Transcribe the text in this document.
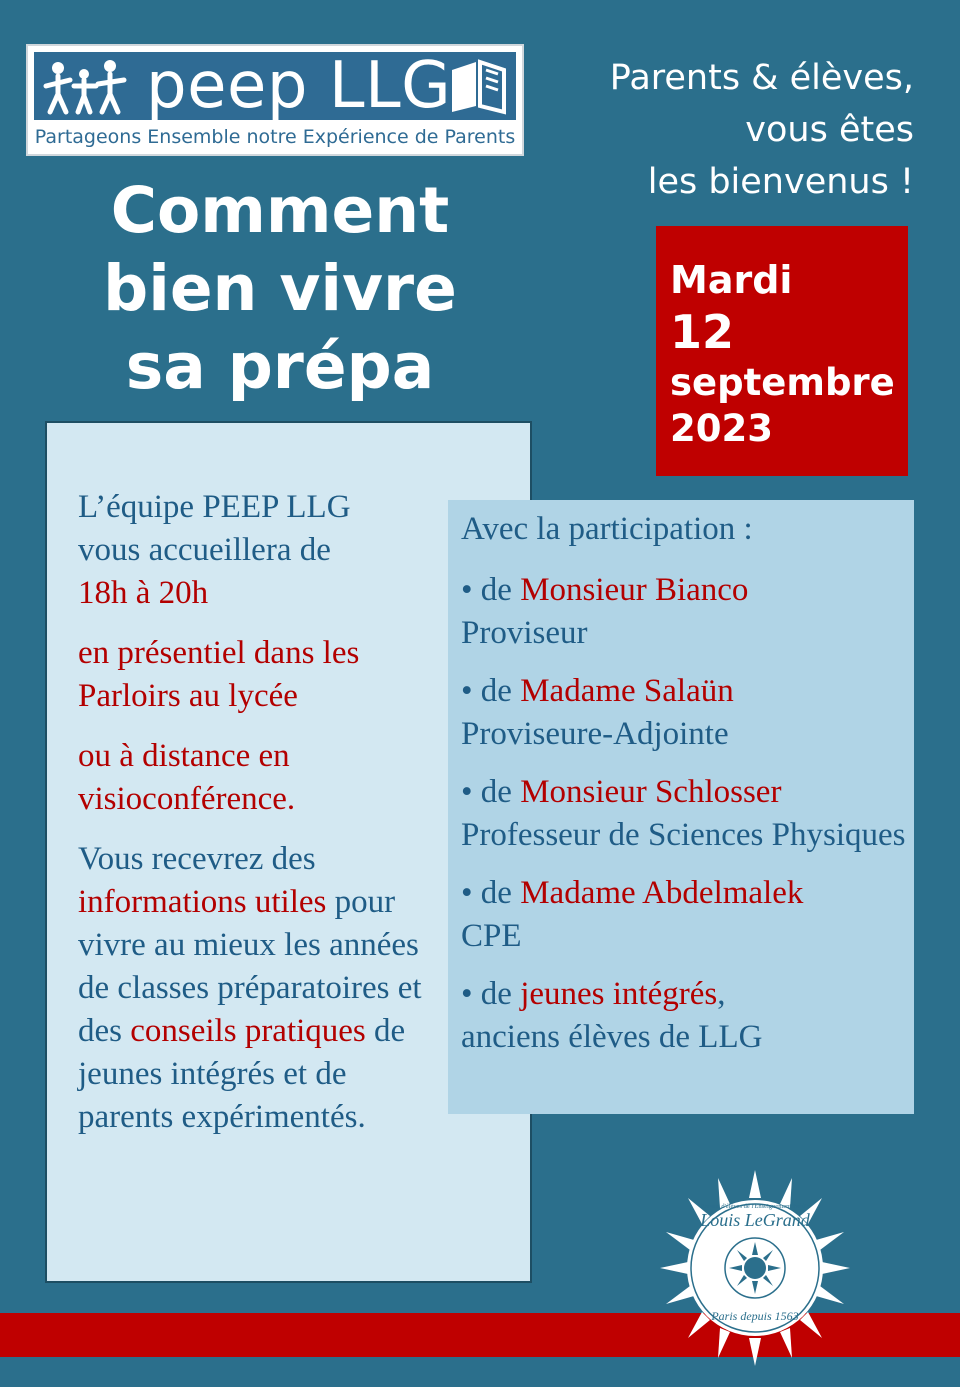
peep LLG
Partageons Ensemble notre Expérience de Parents
Parents & élèves,
vous êtes
les bienvenus !
Comment
bien vivre
sa prépa
Mardi
12
septembre
2023

L’équipe PEEP LLG
vous accueillera de
18h à 20h

en présentiel dans les Parloirs au lycée

ou à distance en visioconférence.

Vous recevrez des informations utiles pour vivre au mieux les années de classes préparatoires et des conseils pratiques de jeunes intégrés et de parents expérimentés.

Avec la participation :
• de Monsieur Bianco
Proviseur
• de Madame Salaün
Proviseure-Adjointe
• de Monsieur Schlosser
Professeur de Sciences Physiques
• de Madame Abdelmalek
CPE
• de jeunes intégrés,
anciens élèves de LLG
Louis LeGrand
Parents d'élèves de l'Enseignement Public
Paris depuis 1563
